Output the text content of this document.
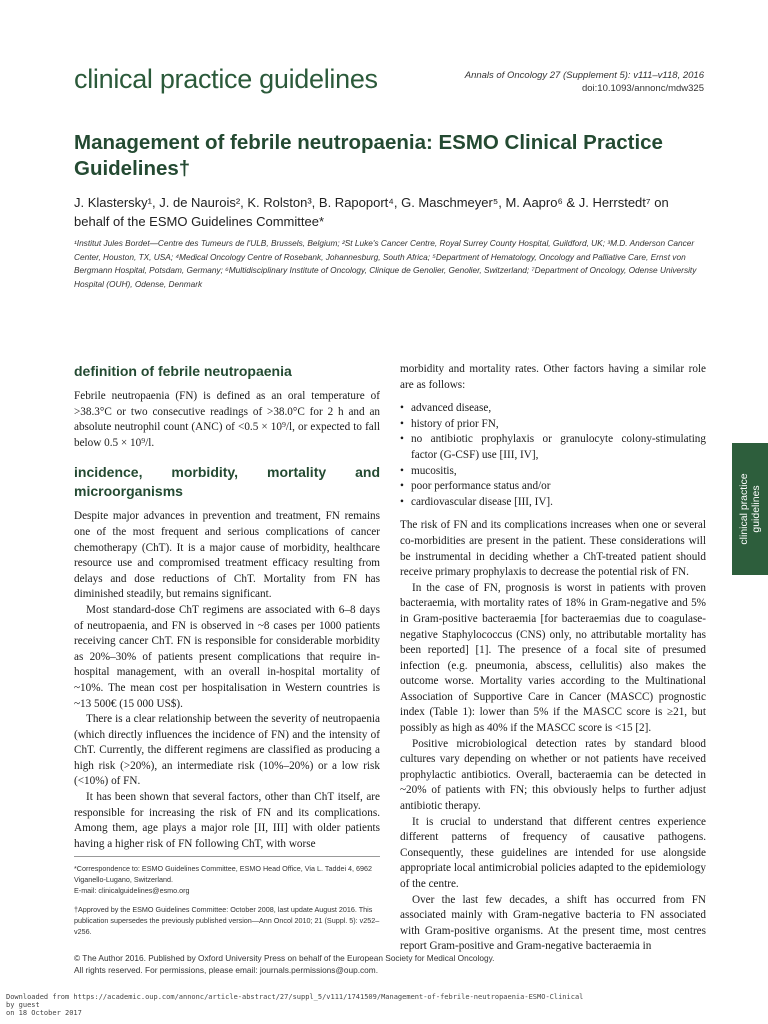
clinical practice guidelines	Annals of Oncology 27 (Supplement 5): v111–v118, 2016
doi:10.1093/annonc/mdw325
Management of febrile neutropaenia: ESMO Clinical Practice Guidelines†
J. Klastersky¹, J. de Naurois², K. Rolston³, B. Rapoport⁴, G. Maschmeyer⁵, M. Aapro⁶ & J. Herrstedt⁷ on behalf of the ESMO Guidelines Committee*
¹Institut Jules Bordet—Centre des Tumeurs de l'ULB, Brussels, Belgium; ²St Luke's Cancer Centre, Royal Surrey County Hospital, Guildford, UK; ³M.D. Anderson Cancer Center, Houston, TX, USA; ⁴Medical Oncology Centre of Rosebank, Johannesburg, South Africa; ⁵Department of Hematology, Oncology and Palliative Care, Ernst von Bergmann Hospital, Potsdam, Germany; ⁶Multidisciplinary Institute of Oncology, Clinique de Genolier, Genolier, Switzerland; ⁷Department of Oncology, Odense University Hospital (OUH), Odense, Denmark
definition of febrile neutropaenia

Febrile neutropaenia (FN) is defined as an oral temperature of >38.3°C or two consecutive readings of >38.0°C for 2 h and an absolute neutrophil count (ANC) of <0.5 × 10⁹/l, or expected to fall below 0.5 × 10⁹/l.

incidence, morbidity, mortality and microorganisms

Despite major advances in prevention and treatment, FN remains one of the most frequent and serious complications of cancer chemotherapy (ChT). It is a major cause of morbidity, healthcare resource use and compromised treatment efficacy resulting from delays and dose reductions of ChT. Mortality from FN has diminished steadily, but remains significant.

Most standard-dose ChT regimens are associated with 6–8 days of neutropaenia, and FN is observed in ~8 cases per 1000 patients receiving cancer ChT. FN is responsible for considerable morbidity as 20%–30% of patients present complications that require in-hospital management, with an overall in-hospital mortality of ~10%. The mean cost per hospitalisation in Western countries is ~13 500€ (15 000 US$).

There is a clear relationship between the severity of neutropaenia (which directly influences the incidence of FN) and the intensity of ChT. Currently, the different regimens are classified as producing a high risk (>20%), an intermediate risk (10%–20%) or a low risk (<10%) of FN.

It has been shown that several factors, other than ChT itself, are responsible for increasing the risk of FN and its complications. Among them, age plays a major role [II, III] with older patients having a higher risk of FN following ChT, with worse

morbidity and mortality rates. Other factors having a similar role are as follows:

• advanced disease,
• history of prior FN,
• no antibiotic prophylaxis or granulocyte colony-stimulating factor (G-CSF) use [III, IV],
• mucositis,
• poor performance status and/or
• cardiovascular disease [III, IV].

The risk of FN and its complications increases when one or several co-morbidities are present in the patient. These considerations will be instrumental in deciding whether a ChT-treated patient should receive primary prophylaxis to decrease the potential risk of FN.

In the case of FN, prognosis is worst in patients with proven bacteraemia, with mortality rates of 18% in Gram-negative and 5% in Gram-positive bacteraemia [for bacteraemias due to coagulase-negative Staphylococcus (CNS) only, no attributable mortality has been reported] [1]. The presence of a focal site of presumed infection (e.g. pneumonia, abscess, cellulitis) also makes the outcome worse. Mortality varies according to the Multinational Association of Supportive Care in Cancer (MASCC) prognostic index (Table 1): lower than 5% if the MASCC score is ≥21, but possibly as high as 40% if the MASCC score is <15 [2].

Positive microbiological detection rates by standard blood cultures vary depending on whether or not patients have received prophylactic antibiotics. Overall, bacteraemia can be detected in ~20% of patients with FN; this obviously helps to further adjust antibiotic therapy.

It is crucial to understand that different centres experience different patterns of frequency of causative pathogens. Consequently, these guidelines are intended for use alongside appropriate local antimicrobial policies adapted to the epidemiology of the centre.

Over the last few decades, a shift has occurred from FN associated mainly with Gram-negative bacteria to FN associated with Gram-positive organisms. At the present time, most centres report Gram-positive and Gram-negative bacteraemia in

*Correspondence to: ESMO Guidelines Committee, ESMO Head Office, Via L. Taddei 4, 6962 Viganello-Lugano, Switzerland.
E-mail: clinicalguidelines@esmo.org
†Approved by the ESMO Guidelines Committee: October 2008, last update August 2016. This publication supersedes the previously published version—Ann Oncol 2010; 21 (Suppl. 5): v252–v256.
© The Author 2016. Published by Oxford University Press on behalf of the European Society for Medical Oncology.
All rights reserved. For permissions, please email: journals.permissions@oup.com.
Downloaded from https://academic.oup.com/annonc/article-abstract/27/suppl_5/v111/1741509/Management-of-febrile-neutropaenia-ESMO-Clinical
by guest
on 18 October 2017
clinical practice guidelines
